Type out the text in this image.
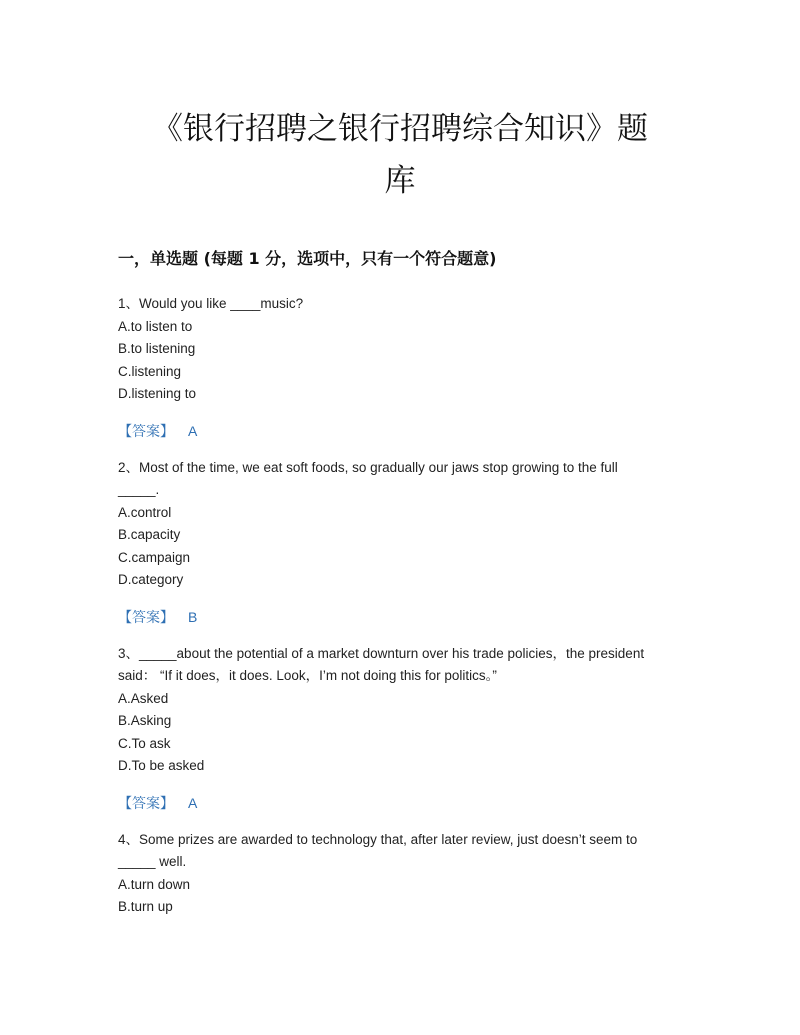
《银行招聘之银行招聘综合知识》题
库
一，单选题 (每题 1 分，选项中，只有一个符合题意)
1、Would you like ____music?
A.to listen to
B.to listening
C.listening
D.listening to
【答案】 A
2、Most of the time, we eat soft foods, so gradually our jaws stop growing to the full
_____.
A.control
B.capacity
C.campaign
D.category
【答案】 B
3、_____about the potential of a market downturn over his trade policies，the president
said： “If it does，it does. Look，I’m not doing this for politics。”
A.Asked
B.Asking
C.To ask
D.To be asked
【答案】 A
4、Some prizes are awarded to technology that, after later review, just doesn’t seem to
_____ well.
A.turn down
B.turn up
